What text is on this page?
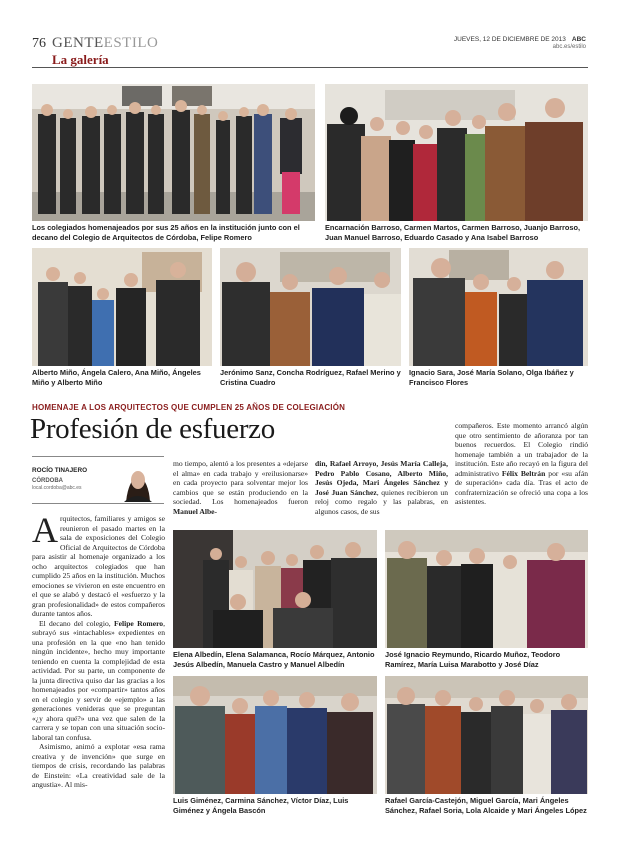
76 GENTEESTILO
La galería
JUEVES, 12 DE DICIEMBRE DE 2013 ABC
abc.es/estilo
Los colegiados homenajeados por sus 25 años en la institución junto con el decano del Colegio de Arquitectos de Córdoba, Felipe Romero
Encarnación Barroso, Carmen Martos, Carmen Barroso, Juanjo Barroso, Juan Manuel Barroso, Eduardo Casado y Ana Isabel Barroso
Alberto Miño, Ángela Calero, Ana Miño, Ángeles Miño y Alberto Miño
Jerónimo Sanz, Concha Rodríguez, Rafael Merino y Cristina Cuadro
Ignacio Sara, José María Solano, Olga Ibáñez y Francisco Flores
HOMENAJE A LOS ARQUITECTOS QUE CUMPLEN 25 AÑOS DE COLEGIACIÓN
Profesión de esfuerzo
ROCÍO TINAJERO
CÓRDOBA
local.cordoba@abc.es

Arquitectos, familiares y amigos se reunieron el pasado martes en la sala de exposiciones del Colegio Oficial de Arquitectos de Córdoba para asistir al homenaje organizado a los ocho arquitectos colegiados que han cumplido 25 años en la institución. Muchos emociones se vivieron en este encuentro en el que se alabó y destacó el «esfuerzo y la gran profesionalidad» de estos compañeros durante tantos años.

El decano del colegio, Felipe Romero, subrayó sus «intachables» expedientes en una profesión en la que «no han tenido ningún incidente», hecho muy importante teniendo en cuenta la complejidad de esta actividad. Por su parte, un componente de la junta directiva quiso dar las gracias a los homenajeados por «compartir» tantos años en el colegio y servir de «ejemplo» a las generaciones venideras que se preguntan «¿y ahora qué?» una vez que salen de la carrera y se topan con una situación socio-laboral tan confusa.

Asimismo, animó a explotar «esa rama creativa y de invención» que surge en tiempos de crisis, recordando las palabras de Einstein: «La creatividad sale de la angustia». Al mis-

mo tiempo, alentó a los presentes a «dejarse el alma» en cada trabajo y «reilusionarse» en cada proyecto para solventar mejor los cambios que se están produciendo en la sociedad. Los homenajeados fueron Manuel Albe-

din, Rafael Arroyo, Jesús María Calleja, Pedro Pablo Cosano, Alberto Miño, Jesús Ojeda, Mari Ángeles Sánchez y José Juan Sánchez, quienes recibieron un reloj como regalo y las palabras, en algunos casos, de sus

compañeros. Este momento arrancó algún que otro sentimiento de añoranza por tan buenos recuerdos. El Colegio rindió homenaje también a un trabajador de la institución. Este año recayó en la figura del administrativo Félix Beltrán por «su afán de superación» cada día. Tras el acto de confraternización se ofreció una copa a los asistentes.

Elena Albedín, Elena Salamanca, Rocío Márquez, Antonio Jesús Albedín, Manuela Castro y Manuel Albedín
José Ignacio Reymundo, Ricardo Muñoz, Teodoro Ramírez, María Luisa Marabotto y José Díaz
Luis Giménez, Carmina Sánchez, Víctor Díaz, Luis Giménez y Ángela Bascón
Rafael García-Castejón, Miguel García, Mari Ángeles Sánchez, Rafael Soria, Lola Alcaide y Mari Ángeles López
